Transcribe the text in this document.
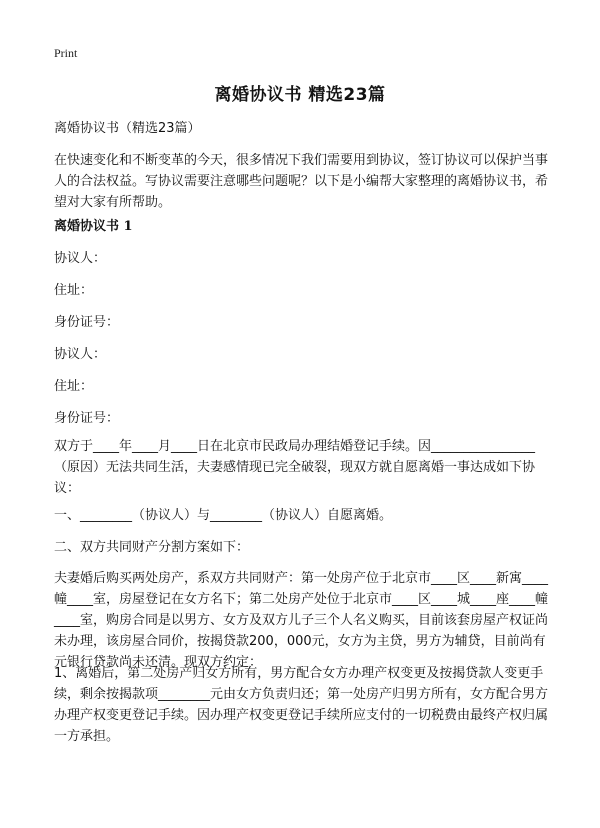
Print
离婚协议书 精选23篇

离婚协议书（精选23篇）

在快速变化和不断变革的今天，很多情况下我们需要用到协议，签订协议可以保护当事人的合法权益。写协议需要注意哪些问题呢？以下是小编帮大家整理的离婚协议书，希望对大家有所帮助。

离婚协议书 1

协议人：

住址：

身份证号：

协议人：

住址：

身份证号：

双方于____年____月____日在北京市民政局办理结婚登记手续。因________________（原因）无法共同生活，夫妻感情现已完全破裂，现双方就自愿离婚一事达成如下协议：

一、________（协议人）与________（协议人）自愿离婚。

二、双方共同财产分割方案如下：

夫妻婚后购买两处房产，系双方共同财产：第一处房产位于北京市____区____新寓____幢____室，房屋登记在女方名下；第二处房产处位于北京市____区____城____座____幢____室，购房合同是以男方、女方及双方儿子三个人名义购买，目前该套房屋产权证尚未办理，该房屋合同价，按揭贷款200，000元，女方为主贷，男方为辅贷，目前尚有元银行贷款尚未还清。现双方约定：

1、离婚后，第二处房产归女方所有，男方配合女方办理产权变更及按揭贷款人变更手续，剩余按揭款项________元由女方负责归还；第一处房产归男方所有，女方配合男方办理产权变更登记手续。因办理产权变更登记手续所应支付的一切税费由最终产权归属一方承担。
